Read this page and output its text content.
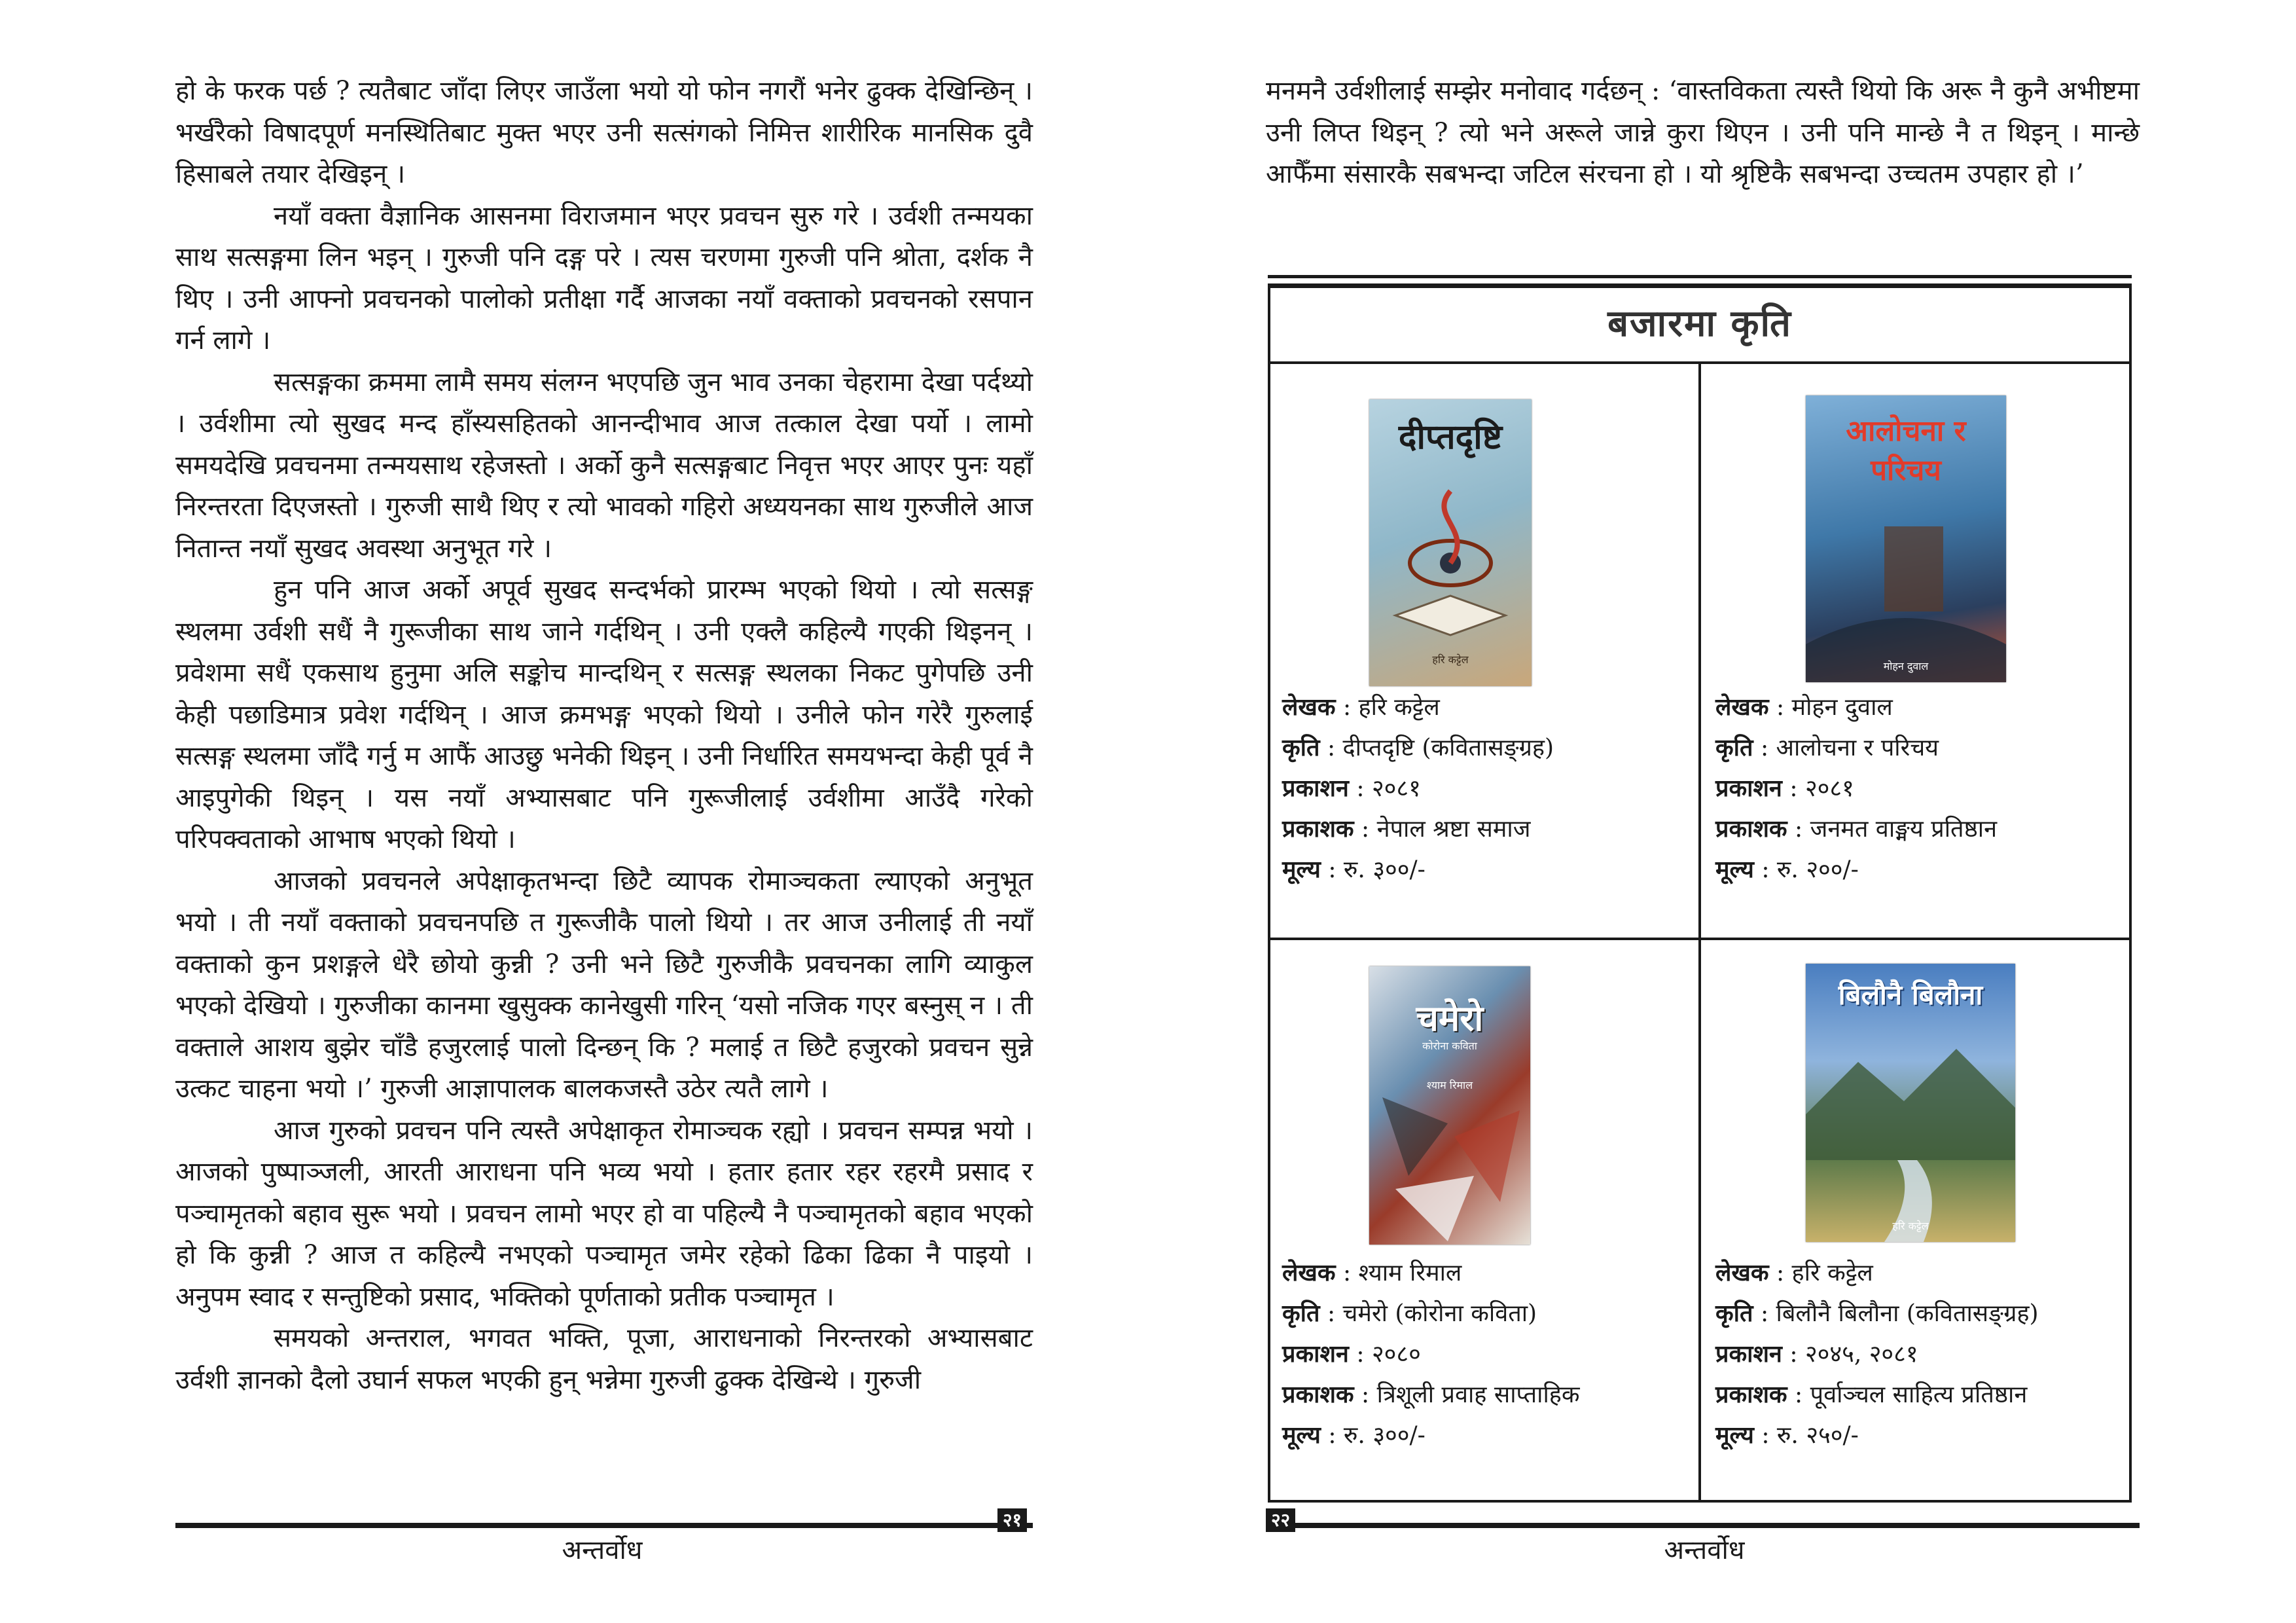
हो के फरक पर्छ ? त्यतैबाट जाँदा लिएर जाउँला भयो यो फोन नगरौं भनेर ढुक्क देखिन्छिन् । भर्खरैको विषादपूर्ण मनस्थितिबाट मुक्त भएर उनी सत्संगको निमित्त शारीरिक मानसिक दुवै हिसाबले तयार देखिइन् ।

नयाँ वक्ता वैज्ञानिक आसनमा विराजमान भएर प्रवचन सुरु गरे । उर्वशी तन्मयका साथ सत्सङ्गमा लिन भइन् । गुरुजी पनि दङ्ग परे । त्यस चरणमा गुरुजी पनि श्रोता, दर्शक नै थिए । उनी आफ्नो प्रवचनको पालोको प्रतीक्षा गर्दै आजका नयाँ वक्ताको प्रवचनको रसपान गर्न लागे ।

सत्सङ्गका क्रममा लामै समय संलग्न भएपछि जुन भाव उनका चेहरामा देखा पर्दथ्यो । उर्वशीमा त्यो सुखद मन्द हाँस्यसहितको आनन्दीभाव आज तत्काल देखा पर्यो । लामो समयदेखि प्रवचनमा तन्मयसाथ रहेजस्तो । अर्को कुनै सत्सङ्गबाट निवृत्त भएर आएर पुनः यहाँ निरन्तरता दिएजस्तो । गुरुजी साथै थिए र त्यो भावको गहिरो अध्ययनका साथ गुरुजीले आज नितान्त नयाँ सुखद अवस्था अनुभूत गरे ।

हुन पनि आज अर्को अपूर्व सुखद सन्दर्भको प्रारम्भ भएको थियो । त्यो सत्सङ्ग स्थलमा उर्वशी सधैं नै गुरूजीका साथ जाने गर्दथिन् । उनी एक्लै कहिल्यै गएकी थिइनन् । प्रवेशमा सधैं एकसाथ हुनुमा अलि सङ्कोच मान्दथिन् र सत्सङ्ग स्थलका निकट पुगेपछि उनी केही पछाडिमात्र प्रवेश गर्दथिन् । आज क्रमभङ्ग भएको थियो । उनीले फोन गरेरै गुरुलाई सत्सङ्ग स्थलमा जाँदै गर्नु म आफैं आउछु भनेकी थिइन् । उनी निर्धारित समयभन्दा केही पूर्व नै आइपुगेकी थिइन् । यस नयाँ अभ्यासबाट पनि गुरूजीलाई उर्वशीमा आउँदै गरेको परिपक्वताको आभाष भएको थियो ।

आजको प्रवचनले अपेक्षाकृतभन्दा छिटै व्यापक रोमाञ्चकता ल्याएको अनुभूत भयो । ती नयाँ वक्ताको प्रवचनपछि त गुरूजीकै पालो थियो । तर आज उनीलाई ती नयाँ वक्ताको कुन प्रशङ्गले धेरै छोयो कुन्नी ? उनी भने छिटै गुरुजीकै प्रवचनका लागि व्याकुल भएको देखियो । गुरुजीका कानमा खुसुक्क कानेखुसी गरिन् ‘यसो नजिक गएर बस्नुस् न । ती वक्ताले आशय बुझेर चाँडै हजुरलाई पालो दिन्छन् कि ? मलाई त छिटै हजुरको प्रवचन सुन्ने उत्कट चाहना भयो ।’ गुरुजी आज्ञापालक बालकजस्तै उठेर त्यतै लागे ।

आज गुरुको प्रवचन पनि त्यस्तै अपेक्षाकृत रोमाञ्चक रह्यो । प्रवचन सम्पन्न भयो । आजको पुष्पाञ्जली, आरती आराधना पनि भव्य भयो । हतार हतार रहर रहरमै प्रसाद र पञ्चामृतको बहाव सुरू भयो । प्रवचन लामो भएर हो वा पहिल्यै नै पञ्चामृतको बहाव भएको हो कि कुन्नी ? आज त कहिल्यै नभएको पञ्चामृत जमेर रहेको ढिका ढिका नै पाइयो । अनुपम स्वाद र सन्तुष्टिको प्रसाद, भक्तिको पूर्णताको प्रतीक पञ्चामृत ।

समयको अन्तराल, भगवत भक्ति, पूजा, आराधनाको निरन्तरको अभ्यासबाट उर्वशी ज्ञानको दैलो उघार्न सफल भएकी हुन् भन्नेमा गुरुजी ढुक्क देखिन्थे । गुरुजी

२१
अन्तर्वोध

मनमनै उर्वशीलाई सम्झेर मनोवाद गर्दछन् : ‘वास्तविकता त्यस्तै थियो कि अरू नै कुनै अभीष्टमा उनी लिप्त थिइन् ? त्यो भने अरूले जान्ने कुरा थिएन । उनी पनि मान्छे नै त थिइन् । मान्छे आफैँमा संसारकै सबभन्दा जटिल संरचना हो । यो श्रृष्टिकै सबभन्दा उच्चतम उपहार हो ।’

बजारमा कृति
दीप्तदृष्टि
हरि कट्टेल
लेखक : हरि कट्टेल
कृति : दीप्तदृष्टि (कवितासङ्ग्रह)
प्रकाशन : २०८१
प्रकाशक : नेपाल श्रष्टा समाज
मूल्य : रु. ३००/-
आलोचना र परिचय
मोहन दुवाल
लेखक : मोहन दुवाल
कृति : आलोचना र परिचय
प्रकाशन : २०८१
प्रकाशक : जनमत वाङ्मय प्रतिष्ठान
मूल्य : रु. २००/-
चमेरो
कोरोना कविता
श्याम रिमाल
लेखक : श्याम रिमाल
कृति : चमेरो (कोरोना कविता)
प्रकाशन : २०८०
प्रकाशक : त्रिशूली प्रवाह साप्ताहिक
मूल्य : रु. ३००/-
बिलौनै बिलौना
हरि कट्टेल
लेखक : हरि कट्टेल
कृति : बिलौनै बिलौना (कवितासङ्ग्रह)
प्रकाशन : २०४५, २०८१
प्रकाशक : पूर्वाञ्चल साहित्य प्रतिष्ठान
मूल्य : रु. २५०/-
२२
अन्तर्वोध
